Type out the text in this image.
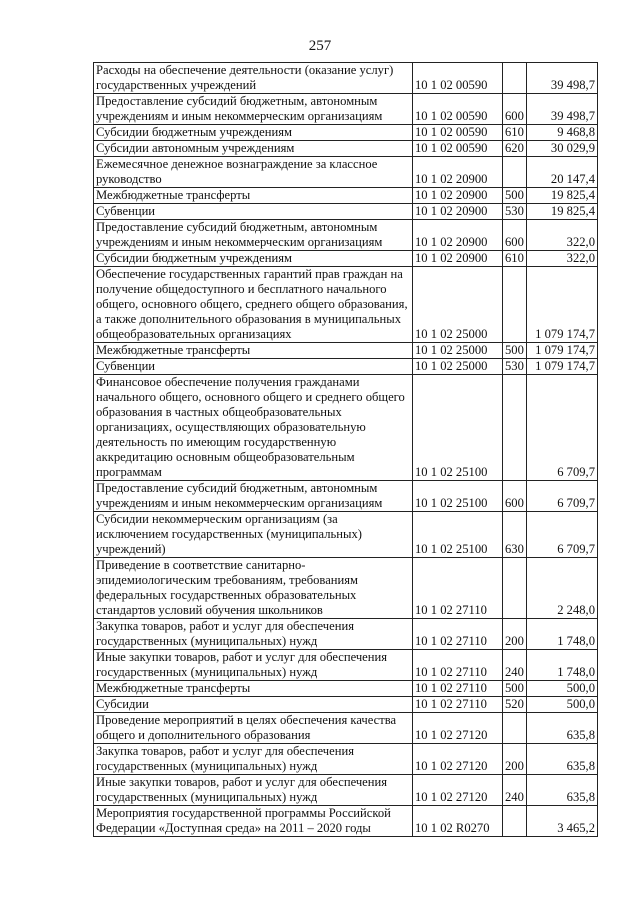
257
Расходы на обеспечение деятельности (оказание услуг) государственных учреждений	10 1 02 00590		39 498,7
Предоставление субсидий бюджетным, автономным учреждениям и иным некоммерческим организациям	10 1 02 00590	600	39 498,7
Субсидии бюджетным учреждениям	10 1 02 00590	610	9 468,8
Субсидии автономным учреждениям	10 1 02 00590	620	30 029,9
Ежемесячное денежное вознаграждение за классное руководство	10 1 02 20900		20 147,4
Межбюджетные трансферты	10 1 02 20900	500	19 825,4
Субвенции	10 1 02 20900	530	19 825,4
Предоставление субсидий бюджетным, автономным учреждениям и иным некоммерческим организациям	10 1 02 20900	600	322,0
Субсидии бюджетным учреждениям	10 1 02 20900	610	322,0
Обеспечение государственных гарантий прав граждан на получение общедоступного и бесплатного начального общего, основного общего, среднего общего образования, а также дополнительного образования в муниципальных общеобразовательных организациях	10 1 02 25000		1 079 174,7
Межбюджетные трансферты	10 1 02 25000	500	1 079 174,7
Субвенции	10 1 02 25000	530	1 079 174,7
Финансовое обеспечение получения гражданами начального общего, основного общего и среднего общего образования в частных общеобразовательных организациях, осуществляющих образовательную деятельность по имеющим государственную аккредитацию основным общеобразовательным программам	10 1 02 25100		6 709,7
Предоставление субсидий бюджетным, автономным учреждениям и иным некоммерческим организациям	10 1 02 25100	600	6 709,7
Субсидии некоммерческим организациям (за исключением государственных (муниципальных) учреждений)	10 1 02 25100	630	6 709,7
Приведение в соответствие санитарно-эпидемиологическим требованиям, требованиям федеральных государственных образовательных стандартов условий обучения школьников	10 1 02 27110		2 248,0
Закупка товаров, работ и услуг для обеспечения государственных (муниципальных) нужд	10 1 02 27110	200	1 748,0
Иные закупки товаров, работ и услуг для обеспечения государственных (муниципальных) нужд	10 1 02 27110	240	1 748,0
Межбюджетные трансферты	10 1 02 27110	500	500,0
Субсидии	10 1 02 27110	520	500,0
Проведение мероприятий в целях обеспечения качества общего и дополнительного образования	10 1 02 27120		635,8
Закупка товаров, работ и услуг для обеспечения государственных (муниципальных) нужд	10 1 02 27120	200	635,8
Иные закупки товаров, работ и услуг для обеспечения государственных (муниципальных) нужд	10 1 02 27120	240	635,8
Мероприятия государственной программы Российской Федерации «Доступная среда» на 2011 – 2020 годы	10 1 02 R0270		3 465,2
